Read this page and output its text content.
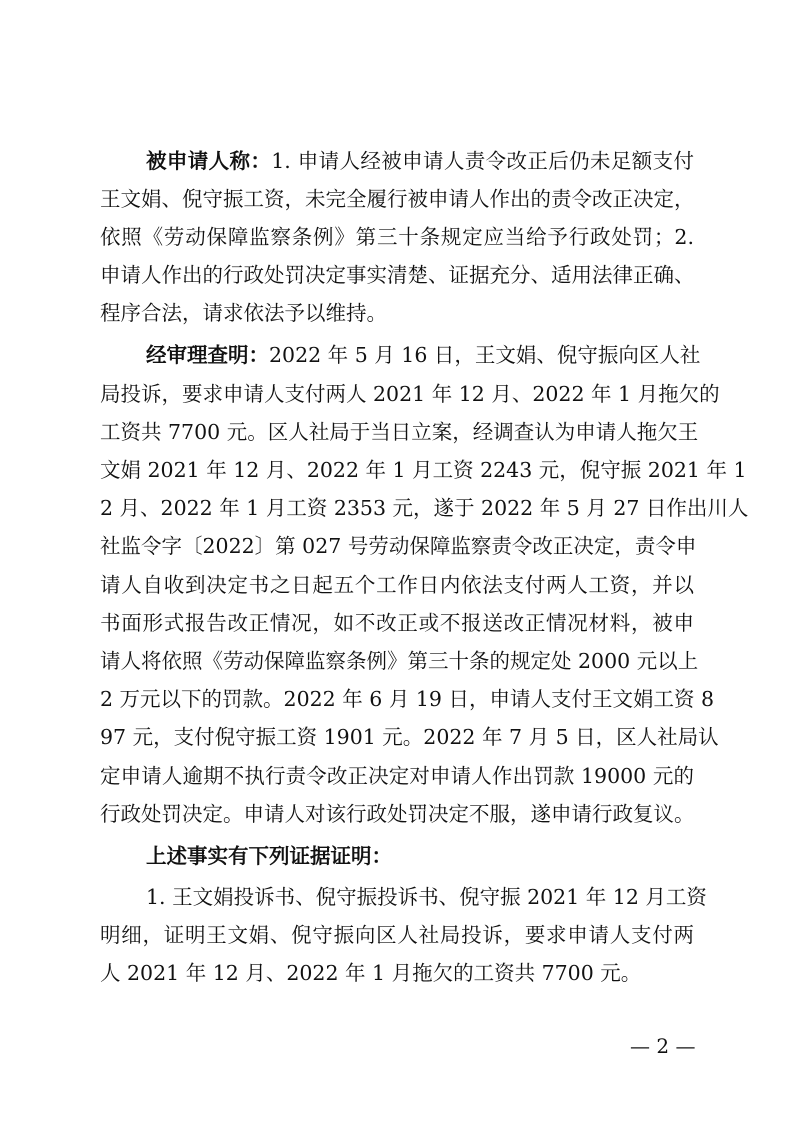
被申请人称：1. 申请人经被申请人责令改正后仍未足额支付
王文娟、倪守振工资，未完全履行被申请人作出的责令改正决定，
依照《劳动保障监察条例》第三十条规定应当给予行政处罚；2.
申请人作出的行政处罚决定事实清楚、证据充分、适用法律正确、
程序合法，请求依法予以维持。
经审理查明：2022 年 5 月 16 日，王文娟、倪守振向区人社
局投诉，要求申请人支付两人 2021 年 12 月、2022 年 1 月拖欠的
工资共 7700 元。区人社局于当日立案，经调查认为申请人拖欠王
文娟 2021 年 12 月、2022 年 1 月工资 2243 元，倪守振 2021 年 1
2 月、2022 年 1 月工资 2353 元，遂于 2022 年 5 月 27 日作出川人
社监令字〔2022〕第 027 号劳动保障监察责令改正决定，责令申
请人自收到决定书之日起五个工作日内依法支付两人工资，并以
书面形式报告改正情况，如不改正或不报送改正情况材料，被申
请人将依照《劳动保障监察条例》第三十条的规定处 2000 元以上
2 万元以下的罚款。2022 年 6 月 19 日，申请人支付王文娟工资 8
97 元，支付倪守振工资 1901 元。2022 年 7 月 5 日，区人社局认
定申请人逾期不执行责令改正决定对申请人作出罚款 19000 元的
行政处罚决定。申请人对该行政处罚决定不服，遂申请行政复议。
上述事实有下列证据证明：
1. 王文娟投诉书、倪守振投诉书、倪守振 2021 年 12 月工资
明细，证明王文娟、倪守振向区人社局投诉，要求申请人支付两
人 2021 年 12 月、2022 年 1 月拖欠的工资共 7700 元。
— 2 —
